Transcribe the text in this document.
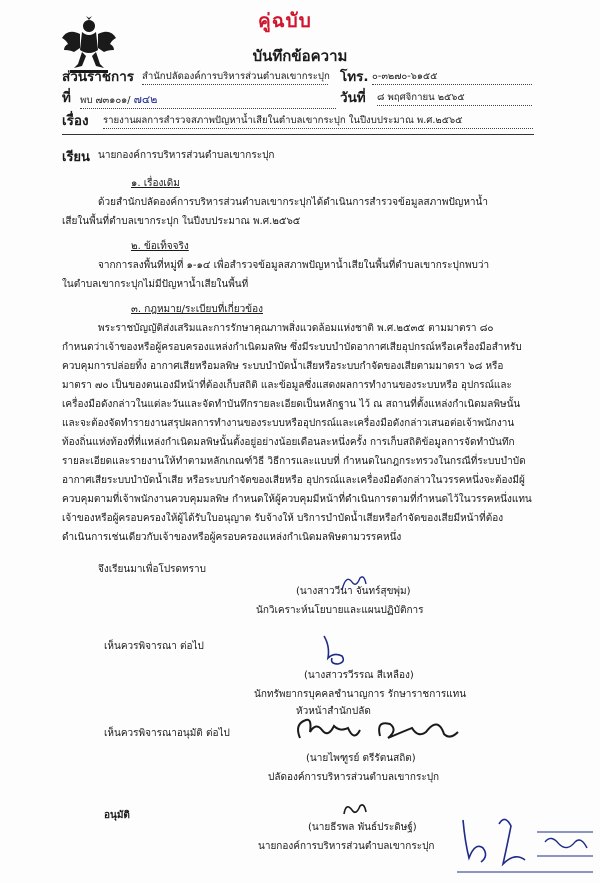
คู่ฉบับ
บันทึกข้อความ
ส่วนราชการ สำนักปลัดองค์การบริหารส่วนตำบลเขากระปุก โทร. ๐-๓๒๗๐-๖๑๕๕
ที่ พบ ๗๓๑๐๑/ ๗๔๒	วันที่ ๘ พฤศจิกายน ๒๕๖๕
เรื่อง รายงานผลการสำรวจสภาพปัญหาน้ำเสียในตำบลเขากระปุก ในปีงบประมาณ พ.ศ.๒๕๖๕
เรียน นายกองค์การบริหารส่วนตำบลเขากระปุก
๑. เรื่องเดิม
ด้วยสำนักปลัดองค์การบริหารส่วนตำบลเขากระปุกได้ดำเนินการสำรวจข้อมูลสภาพปัญหาน้ำ
เสียในพื้นที่ตำบลเขากระปุก ในปีงบประมาณ พ.ศ.๒๕๖๕
๒. ข้อเท็จจริง
จากการลงพื้นที่หมู่ที่ ๑-๑๔ เพื่อสำรวจข้อมูลสภาพปัญหาน้ำเสียในพื้นที่ตำบลเขากระปุกพบว่า
ในตำบลเขากระปุกไม่มีปัญหาน้ำเสียในพื้นที่
๓. กฎหมาย/ระเบียบที่เกี่ยวข้อง
พระราชบัญญัติส่งเสริมและการรักษาคุณภาพสิ่งแวดล้อมแห่งชาติ พ.ศ.๒๕๓๕ ตามมาตรา ๘๐
กำหนดว่าเจ้าของหรือผู้ครอบครองแหล่งกำเนิดมลพิษ ซึ่งมีระบบบำบัดอากาศเสียอุปกรณ์หรือเครื่องมือสำหรับ
ควบคุมการปล่อยทิ้ง อากาศเสียหรือมลพิษ ระบบบำบัดน้ำเสียหรือระบบกำจัดของเสียตามมาตรา ๖๘ หรือ
มาตรา ๗๐ เป็นของตนเองมีหน้าที่ต้องเก็บสถิติ และข้อมูลซึ่งแสดงผลการทำงานของระบบหรือ อุปกรณ์และ
เครื่องมือดังกล่าวในแต่ละวันและจัดทำบันทึกรายละเอียดเป็นหลักฐาน ไว้ ณ สถานที่ตั้งแหล่งกำเนิดมลพิษนั้น
และจะต้องจัดทำรายงานสรุปผลการทำงานของระบบหรืออุปกรณ์และเครื่องมือดังกล่าวเสนอต่อเจ้าพนักงาน
ท้องถิ่นแห่งท้องที่ที่แหล่งกำเนิดมลพิษนั้นตั้งอยู่อย่างน้อยเดือนละหนึ่งครั้ง การเก็บสถิติข้อมูลการจัดทำบันทึก
รายละเอียดและรายงานให้ทำตามหลักเกณฑ์วิธี วิธีการและแบบที่ กำหนดในกฎกระทรวงในกรณีที่ระบบบำบัด
อากาศเสียระบบบำบัดน้ำเสีย หรือระบบกำจัดของเสียหรือ อุปกรณ์และเครื่องมือดังกล่าวในวรรคหนึ่งจะต้องมีผู้
ควบคุมตามที่เจ้าพนักงานควบคุมมลพิษ กำหนดให้ผู้ควบคุมมีหน้าที่ดำเนินการตามที่กำหนดไว้ในวรรคหนึ่งแทน
เจ้าของหรือผู้ครอบครองให้ผู้ได้รับใบอนุญาต รับจ้างให้ บริการบำบัดน้ำเสียหรือกำจัดของเสียมีหน้าที่ต้อง
ดำเนินการเช่นเดียวกับเจ้าของหรือผู้ครอบครองแหล่งกำเนิดมลพิษตามวรรคหนึ่ง
จึงเรียนมาเพื่อโปรดทราบ
(นางสาววีนา จันทร์สุขพุ่ม)
นักวิเคราะห์นโยบายและแผนปฏิบัติการ
เห็นควรพิจารณา ต่อไป
(นางสาวรวีรรณ สีเหลือง)
นักทรัพยากรบุคคลชำนาญการ รักษาราชการแทน
หัวหน้าสำนักปลัด
เห็นควรพิจารณาอนุมัติ ต่อไป
(นายไพฑูรย์ ตรีรัตนสถิต)
ปลัดองค์การบริหารส่วนตำบลเขากระปุก
อนุมัติ
(นายธีรพล พันธ์ประดิษฐ์)
นายกองค์การบริหารส่วนตำบลเขากระปุก
